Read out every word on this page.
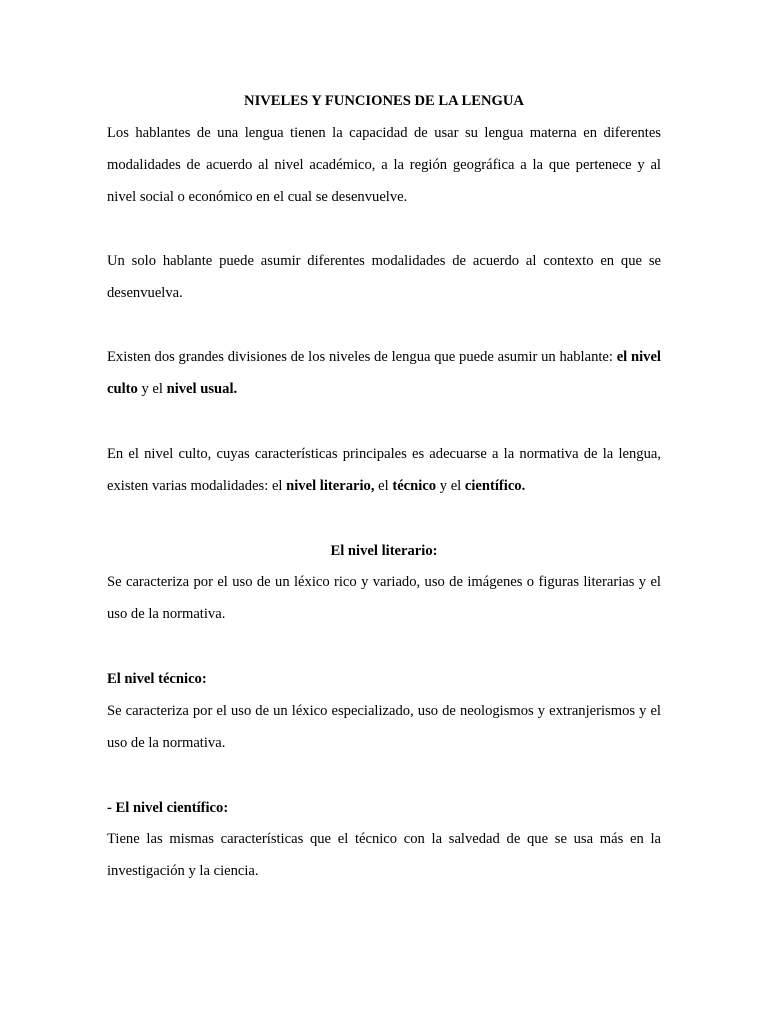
NIVELES Y FUNCIONES DE LA LENGUA

Los hablantes de una lengua tienen la capacidad de usar su lengua materna en diferentes modalidades de acuerdo al nivel académico, a la región geográfica a la que pertenece y al nivel social o económico en el cual se desenvuelve.

Un solo hablante puede asumir diferentes modalidades de acuerdo al contexto en que se desenvuelva.

Existen dos grandes divisiones de los niveles de lengua que puede asumir un hablante: el nivel culto y el nivel usual.

En el nivel culto, cuyas características principales es adecuarse a la normativa de la lengua, existen varias modalidades: el nivel literario, el técnico y el científico.

El nivel literario:

Se caracteriza por el uso de un léxico rico y variado, uso de imágenes o figuras literarias y el uso de la normativa.

El nivel técnico:

Se caracteriza por el uso de un léxico especializado, uso de neologismos y extranjerismos y el uso de la normativa.

- El nivel científico:

Tiene las mismas características que el técnico con la salvedad de que se usa más en la investigación y la ciencia.
